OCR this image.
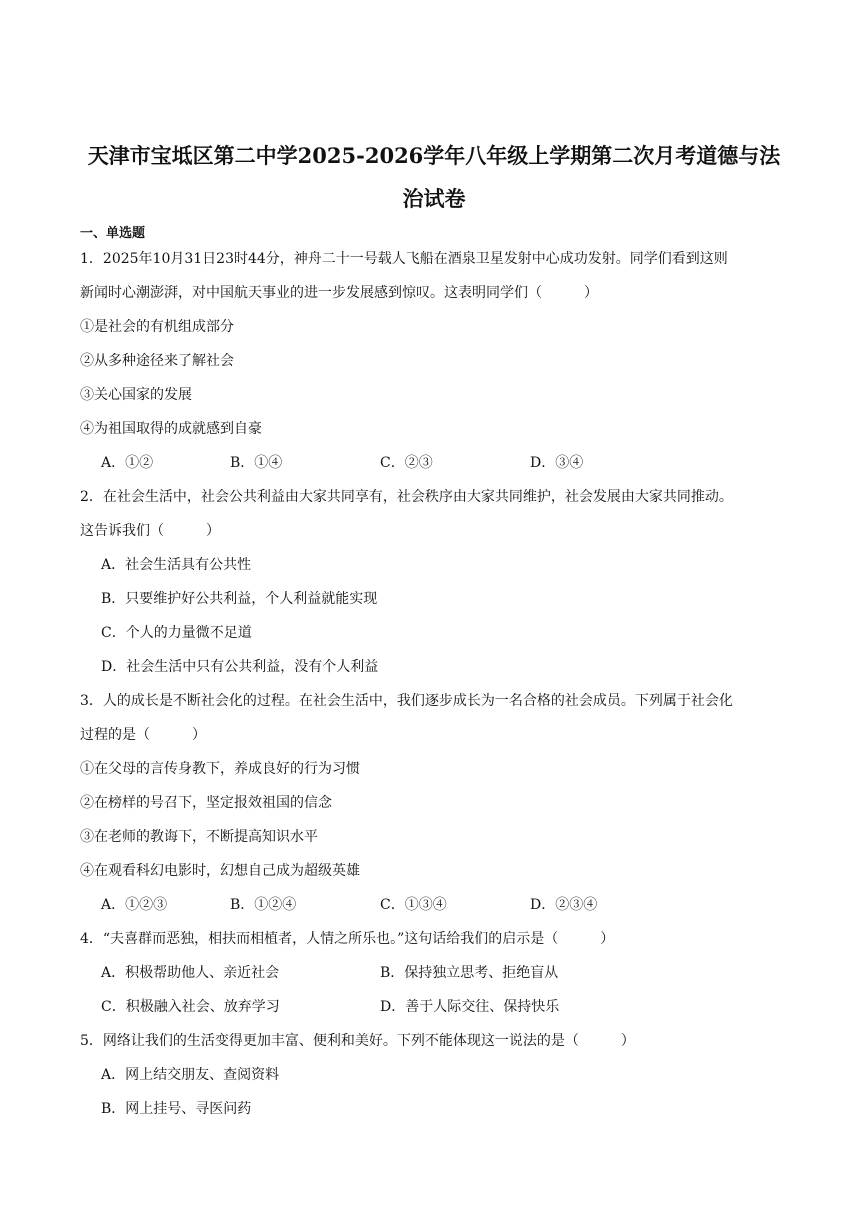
天津市宝坻区第二中学2025-2026学年八年级上学期第二次月考道德与法
治试卷
一、单选题
1．2025年10月31日23时44分，神舟二十一号载人飞船在酒泉卫星发射中心成功发射。同学们看到这则
新闻时心潮澎湃，对中国航天事业的进一步发展感到惊叹。这表明同学们（　　　）
①是社会的有机组成部分
②从多种途径来了解社会
③关心国家的发展
④为祖国取得的成就感到自豪
A．①②	B．①④	C．②③	D．③④
2．在社会生活中，社会公共利益由大家共同享有，社会秩序由大家共同维护，社会发展由大家共同推动。
这告诉我们（　　　）
A．社会生活具有公共性
B．只要维护好公共利益，个人利益就能实现
C．个人的力量微不足道
D．社会生活中只有公共利益，没有个人利益
3．人的成长是不断社会化的过程。在社会生活中，我们逐步成长为一名合格的社会成员。下列属于社会化
过程的是（　　　）
①在父母的言传身教下，养成良好的行为习惯
②在榜样的号召下，坚定报效祖国的信念
③在老师的教诲下，不断提高知识水平
④在观看科幻电影时，幻想自己成为超级英雄
A．①②③	B．①②④	C．①③④	D．②③④
4．“夫喜群而恶独，相扶而相植者，人情之所乐也。”这句话给我们的启示是（　　　）
A．积极帮助他人、亲近社会	B．保持独立思考、拒绝盲从
C．积极融入社会、放弃学习	D．善于人际交往、保持快乐
5．网络让我们的生活变得更加丰富、便利和美好。下列不能体现这一说法的是（　　　）
A．网上结交朋友、查阅资料
B．网上挂号、寻医问药
